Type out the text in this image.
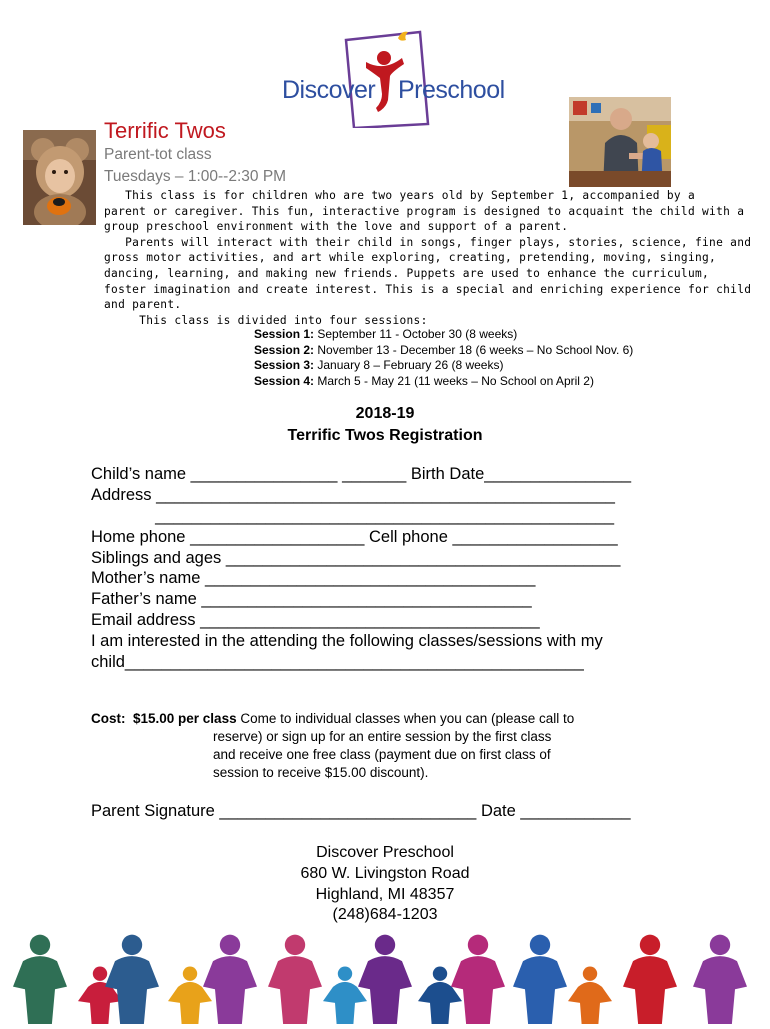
Discover Preschool
Terrific Twos
Parent-tot class
Tuesdays – 1:00--2:30 PM
This class is for children who are two years old by September 1, accompanied by a
parent or caregiver. This fun, interactive program is designed to acquaint the child with a
group preschool environment with the love and support of a parent.
Parents will interact with their child in songs, finger plays, stories, science, fine and
gross motor activities, and art while exploring, creating, pretending, moving, singing,
dancing, learning, and making new friends. Puppets are used to enhance the curriculum,
foster imagination and create interest. This is a special and enriching experience for child
and parent.
This class is divided into four sessions:
Session 1: September 11 - October 30 (8 weeks)
Session 2: November 13 - December 18 (6 weeks – No School Nov. 6)
Session 3: January 8 – February 26 (8 weeks)
Session 4: March 5 - May 21 (11 weeks – No School on April 2)
2018-19
Terrific Twos Registration
Child’s name ________________ _______ Birth Date________________
Address __________________________________________________
__________________________________________________
Home phone ___________________ Cell phone __________________
Siblings and ages ___________________________________________
Mother’s name ____________________________________
Father’s name ____________________________________
Email address _____________________________________
I am interested in the attending the following classes/sessions with my
child__________________________________________________
Cost:  $15.00 per class Come to individual classes when you can (please call to
reserve) or sign up for an entire session by the first class
and receive one free class (payment due on first class of
session to receive $15.00 discount).
Parent Signature ____________________________ Date ____________
Discover Preschool
680 W. Livingston Road
Highland, MI 48357
(248)684-1203
